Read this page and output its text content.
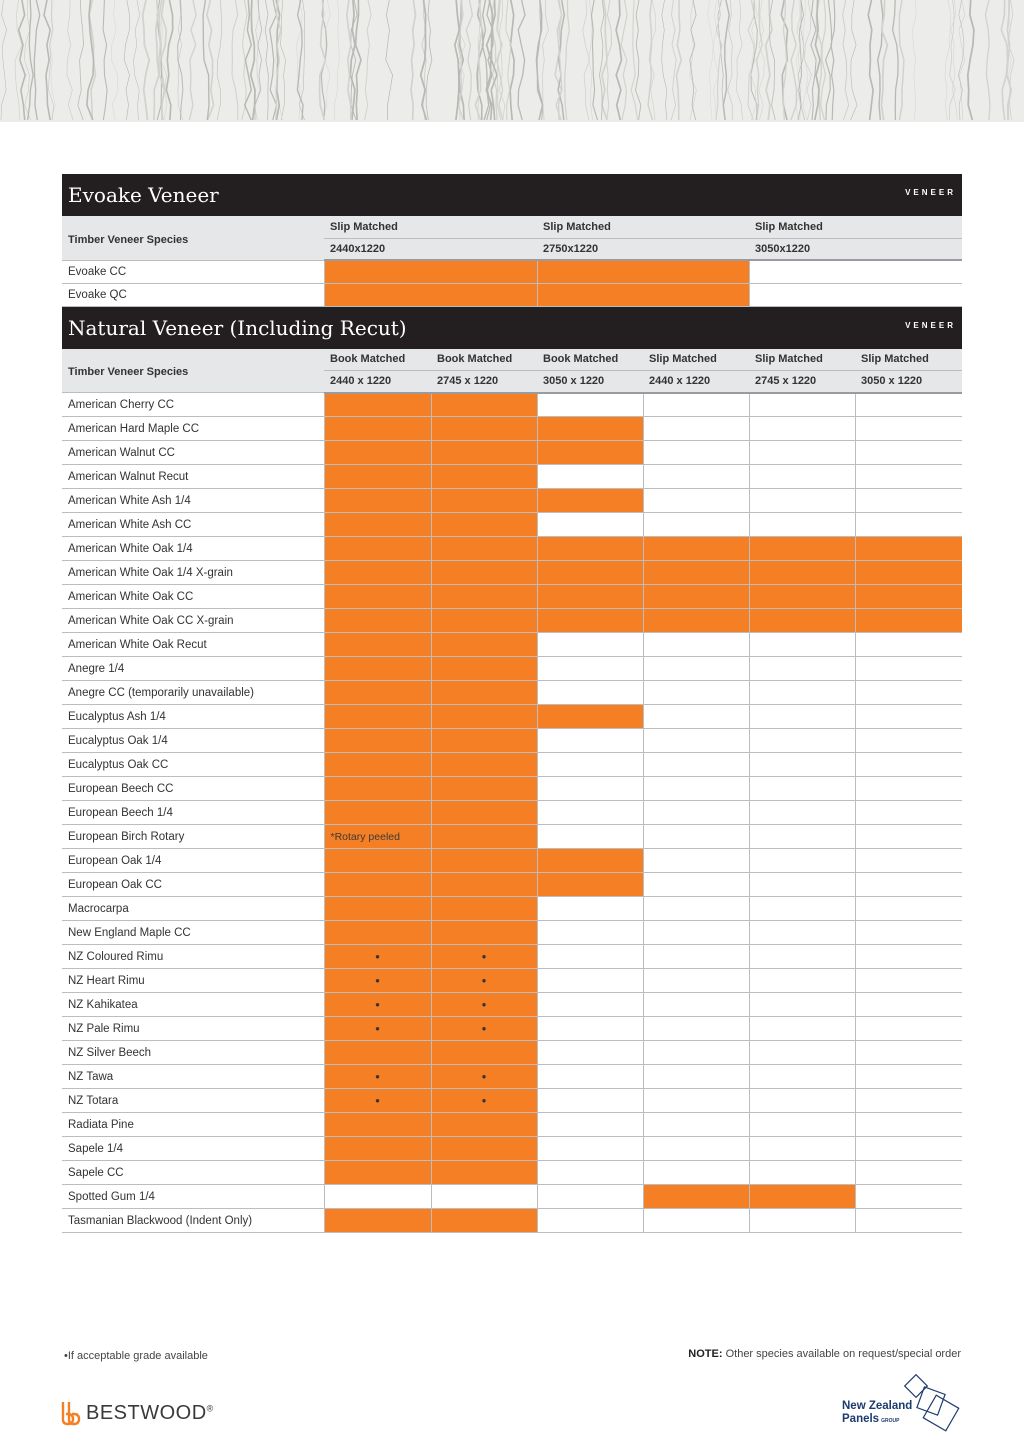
Evoake Veneer	VENEER
Timber Veneer Species	Slip Matched	Slip Matched	Slip Matched
	2440x1220	2750x1220	3050x1220
Evoake CC			
Evoake QC			
Natural Veneer (Including Recut)	VENEER
Timber Veneer Species	Book Matched	Book Matched	Book Matched	Slip Matched	Slip Matched	Slip Matched
	2440 x 1220	2745 x 1220	3050 x 1220	2440 x 1220	2745 x 1220	3050 x 1220
American Cherry CC						
American Hard Maple CC						
American Walnut CC						
American Walnut Recut						
American White Ash 1/4						
American White Ash CC						
American White Oak 1/4						
American White Oak 1/4 X-grain						
American White Oak CC						
American White Oak CC X-grain						
American White Oak Recut						
Anegre 1/4						
Anegre CC (temporarily unavailable)						
Eucalyptus Ash 1/4						
Eucalyptus Oak 1/4						
Eucalyptus Oak CC						
European Beech CC						
European Beech 1/4						
European Birch Rotary	*Rotary peeled					
European Oak 1/4						
European Oak CC						
Macrocarpa						
New England Maple CC						
NZ Coloured Rimu	●	●				
NZ Heart Rimu	●	●				
NZ Kahikatea	●	●				
NZ Pale Rimu	●	●				
NZ Silver Beech						
NZ Tawa	●	●				
NZ Totara	●	●				
Radiata Pine						
Sapele 1/4						
Sapele CC						
Spotted Gum 1/4						
Tasmanian Blackwood (Indent Only)						
•If acceptable grade available	NOTE: Other species available on request/special order
BESTWOOD®	New Zealand
Panels GROUP
